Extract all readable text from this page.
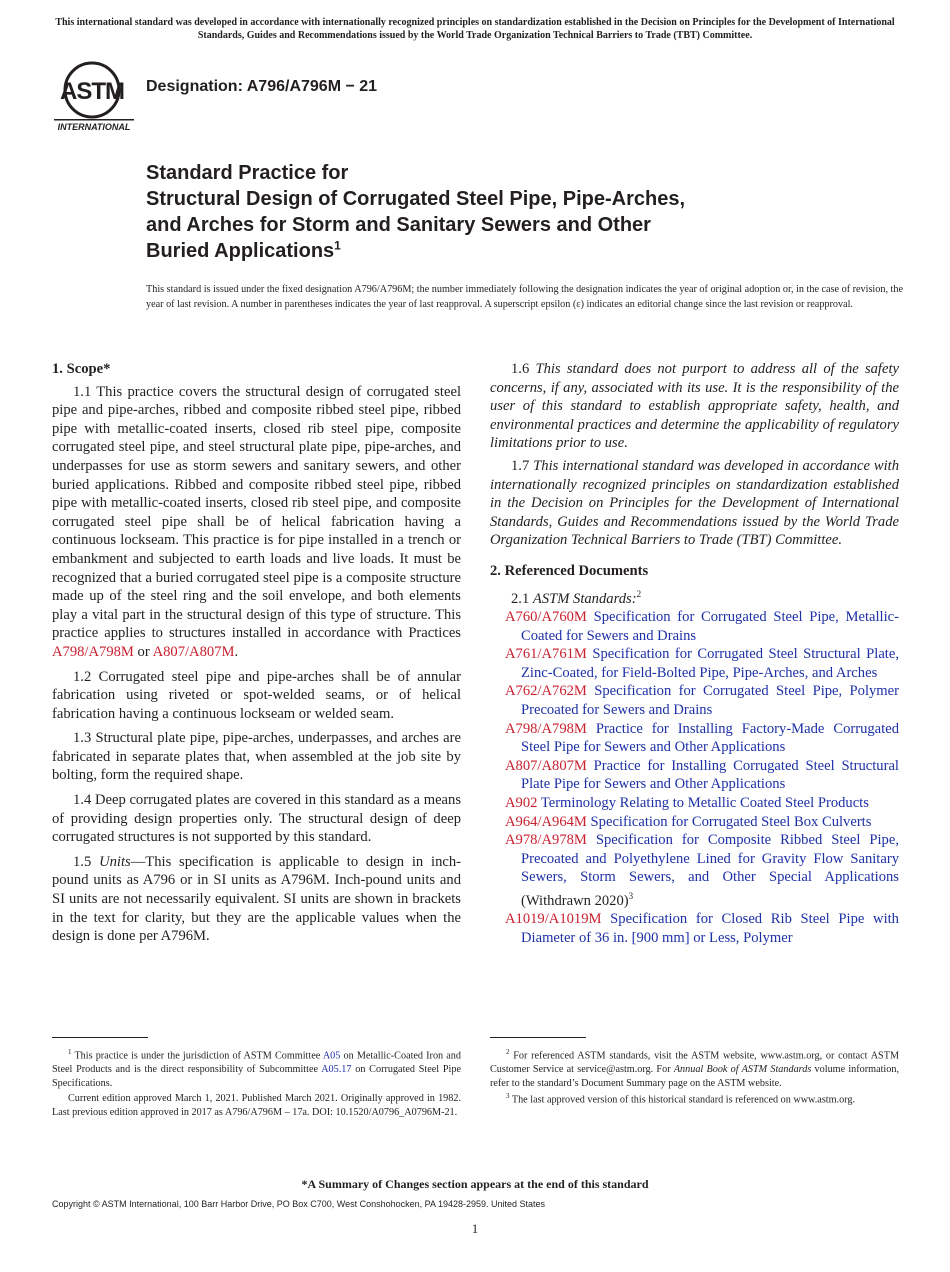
This international standard was developed in accordance with internationally recognized principles on standardization established in the Decision on Principles for the Development of International Standards, Guides and Recommendations issued by the World Trade Organization Technical Barriers to Trade (TBT) Committee.
ASTM
INTERNATIONAL
Designation: A796/A796M − 21
Standard Practice for
Structural Design of Corrugated Steel Pipe, Pipe-Arches,
and Arches for Storm and Sanitary Sewers and Other
Buried Applications$^1$
This standard is issued under the fixed designation A796/A796M; the number immediately following the designation indicates the year of original adoption or, in the case of revision, the year of last revision. A number in parentheses indicates the year of last reapproval. A superscript epsilon (ε) indicates an editorial change since the last revision or reapproval.
1. Scope*

1.1 This practice covers the structural design of corrugated steel pipe and pipe-arches, ribbed and composite ribbed steel pipe, ribbed pipe with metallic-coated inserts, closed rib steel pipe, composite corrugated steel pipe, and steel structural plate pipe, pipe-arches, and underpasses for use as storm sewers and sanitary sewers, and other buried applications. Ribbed and composite ribbed steel pipe, ribbed pipe with metallic-coated inserts, closed rib steel pipe, and composite corrugated steel pipe shall be of helical fabrication having a continuous lockseam. This practice is for pipe installed in a trench or embankment and subjected to earth loads and live loads. It must be recognized that a buried corrugated steel pipe is a composite structure made up of the steel ring and the soil envelope, and both elements play a vital part in the structural design of this type of structure. This practice applies to structures installed in accordance with Practices A798/A798M or A807/A807M.

1.2 Corrugated steel pipe and pipe-arches shall be of annular fabrication using riveted or spot-welded seams, or of helical fabrication having a continuous lockseam or welded seam.

1.3 Structural plate pipe, pipe-arches, underpasses, and arches are fabricated in separate plates that, when assembled at the job site by bolting, form the required shape.

1.4 Deep corrugated plates are covered in this standard as a means of providing design properties only. The structural design of deep corrugated structures is not supported by this standard.

1.5 Units—This specification is applicable to design in inch-pound units as A796 or in SI units as A796M. Inch-pound units and SI units are not necessarily equivalent. SI units are shown in brackets in the text for clarity, but they are the applicable values when the design is done per A796M.

1.6 This standard does not purport to address all of the safety concerns, if any, associated with its use. It is the responsibility of the user of this standard to establish appropriate safety, health, and environmental practices and determine the applicability of regulatory limitations prior to use.

1.7 This international standard was developed in accordance with internationally recognized principles on standardization established in the Decision on Principles for the Development of International Standards, Guides and Recommendations issued by the World Trade Organization Technical Barriers to Trade (TBT) Committee.

2. Referenced Documents

2.1 ASTM Standards:$^2$

A760/A760M Specification for Corrugated Steel Pipe, Metallic-Coated for Sewers and Drains

A761/A761M Specification for Corrugated Steel Structural Plate, Zinc-Coated, for Field-Bolted Pipe, Pipe-Arches, and Arches

A762/A762M Specification for Corrugated Steel Pipe, Polymer Precoated for Sewers and Drains

A798/A798M Practice for Installing Factory-Made Corrugated Steel Pipe for Sewers and Other Applications

A807/A807M Practice for Installing Corrugated Steel Structural Plate Pipe for Sewers and Other Applications

A902 Terminology Relating to Metallic Coated Steel Products

A964/A964M Specification for Corrugated Steel Box Culverts

A978/A978M Specification for Composite Ribbed Steel Pipe, Precoated and Polyethylene Lined for Gravity Flow Sanitary Sewers, Storm Sewers, and Other Special Applications (Withdrawn 2020)$^3$

A1019/A1019M Specification for Closed Rib Steel Pipe with Diameter of 36 in. [900 mm] or Less, Polymer

$^1$ This practice is under the jurisdiction of ASTM Committee A05 on Metallic-Coated Iron and Steel Products and is the direct responsibility of Subcommittee A05.17 on Corrugated Steel Pipe Specifications.

Current edition approved March 1, 2021. Published March 2021. Originally approved in 1982. Last previous edition approved in 2017 as A796/A796M – 17a. DOI: 10.1520/A0796_A0796M-21.

$^2$ For referenced ASTM standards, visit the ASTM website, www.astm.org, or contact ASTM Customer Service at service@astm.org. For Annual Book of ASTM Standards volume information, refer to the standard’s Document Summary page on the ASTM website.

$^3$ The last approved version of this historical standard is referenced on www.astm.org.

*A Summary of Changes section appears at the end of this standard
Copyright © ASTM International, 100 Barr Harbor Drive, PO Box C700, West Conshohocken, PA 19428-2959. United States
1
